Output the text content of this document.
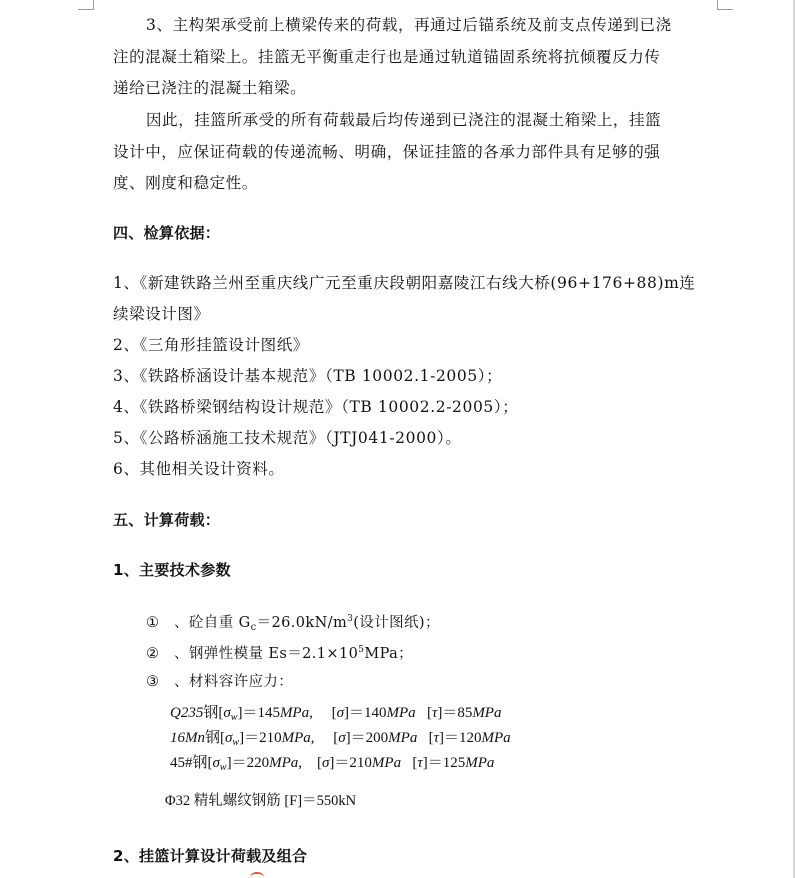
3、主构架承受前上横梁传来的荷载，再通过后锚系统及前支点传递到已浇
注的混凝土箱梁上。挂篮无平衡重走行也是通过轨道锚固系统将抗倾覆反力传
递给已浇注的混凝土箱梁。
因此，挂篮所承受的所有荷载最后均传递到已浇注的混凝土箱梁上，挂篮
设计中，应保证荷载的传递流畅、明确，保证挂篮的各承力部件具有足够的强
度、刚度和稳定性。
四、检算依据：
1、《新建铁路兰州至重庆线广元至重庆段朝阳嘉陵江右线大桥(96+176+88)m连
续梁设计图》
2、《三角形挂篮设计图纸》
3、《铁路桥涵设计基本规范》（TB 10002.1-2005）；
4、《铁路桥梁钢结构设计规范》（TB 10002.2-2005）；
5、《公路桥涵施工技术规范》（JTJ041-2000）。
6、其他相关设计资料。
五、计算荷载：
1、主要技术参数
① 、砼自重 $G_c=26.0kN/m^3$(设计图纸)；
② 、钢弹性模量 $Es=2.1\times 10^5MPa$；
③ 、材料容许应力：
Q235钢$[\sigma_w]=145MPa$,     [σ]＝140MPa   [τ]＝85MPa
16Mn钢$[\sigma_w]=210MPa$,     [σ]＝200MPa   [τ]＝120MPa
45#钢$[\sigma_w]=220MPa$,    [σ]＝210MPa   [τ]＝125MPa
Φ32 精轧螺纹钢筋 [F]＝550kN
2、挂篮计算设计荷载及组合
